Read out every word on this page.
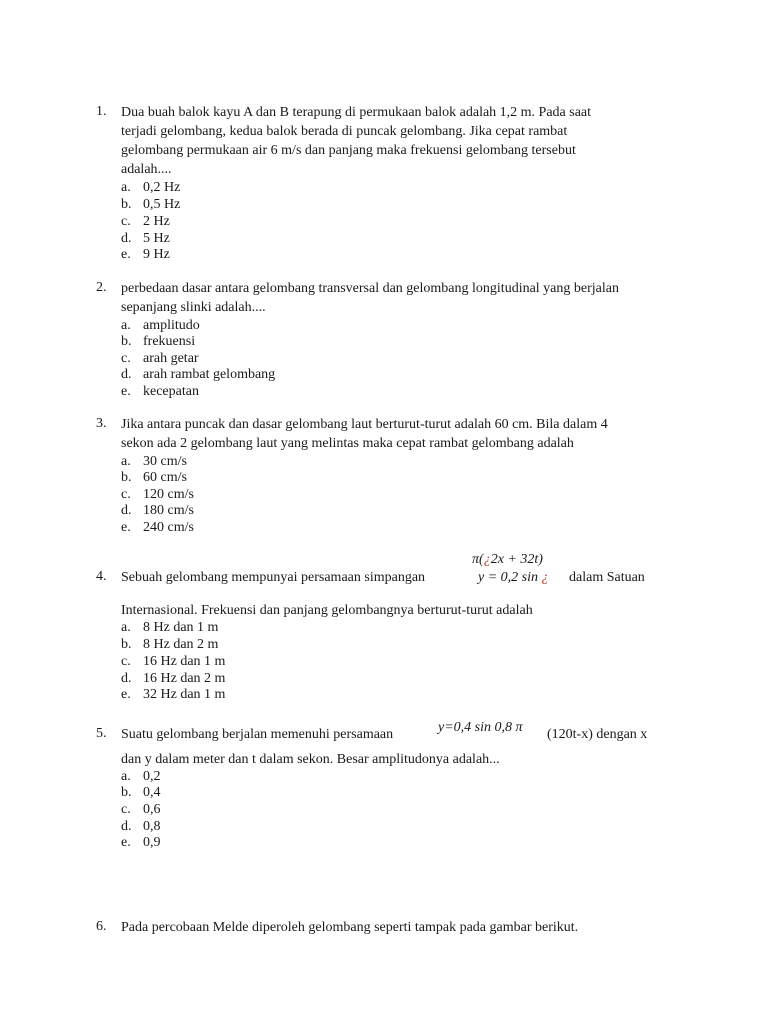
1. Dua buah balok kayu A dan B terapung di permukaan balok adalah 1,2 m. Pada saat
terjadi gelombang, kedua balok berada di puncak gelombang. Jika cepat rambat
gelombang permukaan air 6 m/s dan panjang maka frekuensi gelombang tersebut
adalah....
a. 0,2 Hz
b. 0,5 Hz
c. 2 Hz
d. 5 Hz
e. 9 Hz
2. perbedaan dasar antara gelombang transversal dan gelombang longitudinal yang berjalan
sepanjang slinki adalah....
a. amplitudo
b. frekuensi
c. arah getar
d. arah rambat gelombang
e. kecepatan
3. Jika antara puncak dan dasar gelombang laut berturut-turut adalah 60 cm. Bila dalam 4
sekon ada 2 gelombang laut yang melintas maka cepat rambat gelombang adalah
a. 30 cm/s
b. 60 cm/s
c. 120 cm/s
d. 180 cm/s
e. 240 cm/s
π(¿2x + 32t)
4. Sebuah gelombang mempunyai persamaan simpangan	y = 0,2 sin ¿ dalam Satuan
Internasional. Frekuensi dan panjang gelombangnya berturut-turut adalah
a. 8 Hz dan 1 m
b. 8 Hz dan 2 m
c. 16 Hz dan 1 m
d. 16 Hz dan 2 m
e. 32 Hz dan 1 m
5. Suatu gelombang berjalan memenuhi persamaan	y=0,4 sin 0,8 π (120t-x) dengan x
dan y dalam meter dan t dalam sekon. Besar amplitudonya adalah...
a. 0,2
b. 0,4
c. 0,6
d. 0,8
e. 0,9
6. Pada percobaan Melde diperoleh gelombang seperti tampak pada gambar berikut.
